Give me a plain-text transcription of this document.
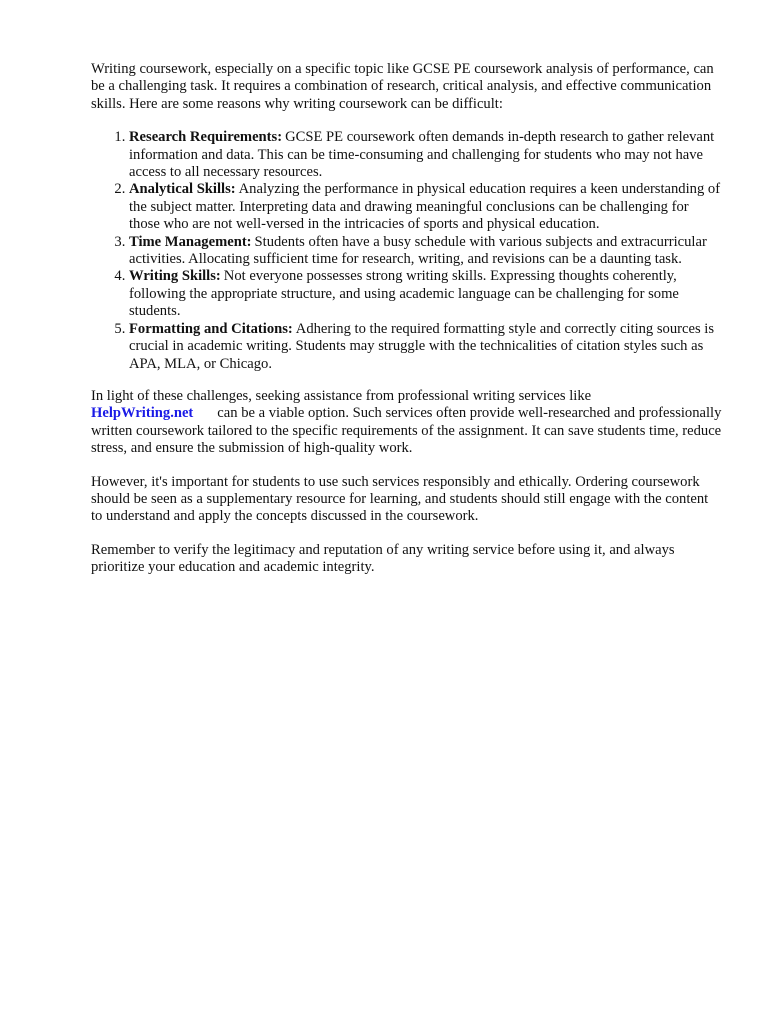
Writing coursework, especially on a specific topic like GCSE PE coursework analysis of performance, can be a challenging task. It requires a combination of research, critical analysis, and effective communication skills. Here are some reasons why writing coursework can be difficult:

1. Research Requirements: GCSE PE coursework often demands in-depth research to gather relevant information and data. This can be time-consuming and challenging for students who may not have access to all necessary resources.
2. Analytical Skills: Analyzing the performance in physical education requires a keen understanding of the subject matter. Interpreting data and drawing meaningful conclusions can be challenging for those who are not well-versed in the intricacies of sports and physical education.
3. Time Management: Students often have a busy schedule with various subjects and extracurricular activities. Allocating sufficient time for research, writing, and revisions can be a daunting task.
4. Writing Skills: Not everyone possesses strong writing skills. Expressing thoughts coherently, following the appropriate structure, and using academic language can be challenging for some students.
5. Formatting and Citations: Adhering to the required formatting style and correctly citing sources is crucial in academic writing. Students may struggle with the technicalities of citation styles such as APA, MLA, or Chicago.

In light of these challenges, seeking assistance from professional writing services like
HelpWriting.net can be a viable option. Such services often provide well-researched and professionally written coursework tailored to the specific requirements of the assignment. It can save students time, reduce stress, and ensure the submission of high-quality work.

However, it's important for students to use such services responsibly and ethically. Ordering coursework should be seen as a supplementary resource for learning, and students should still engage with the content to understand and apply the concepts discussed in the coursework.

Remember to verify the legitimacy and reputation of any writing service before using it, and always prioritize your education and academic integrity.
